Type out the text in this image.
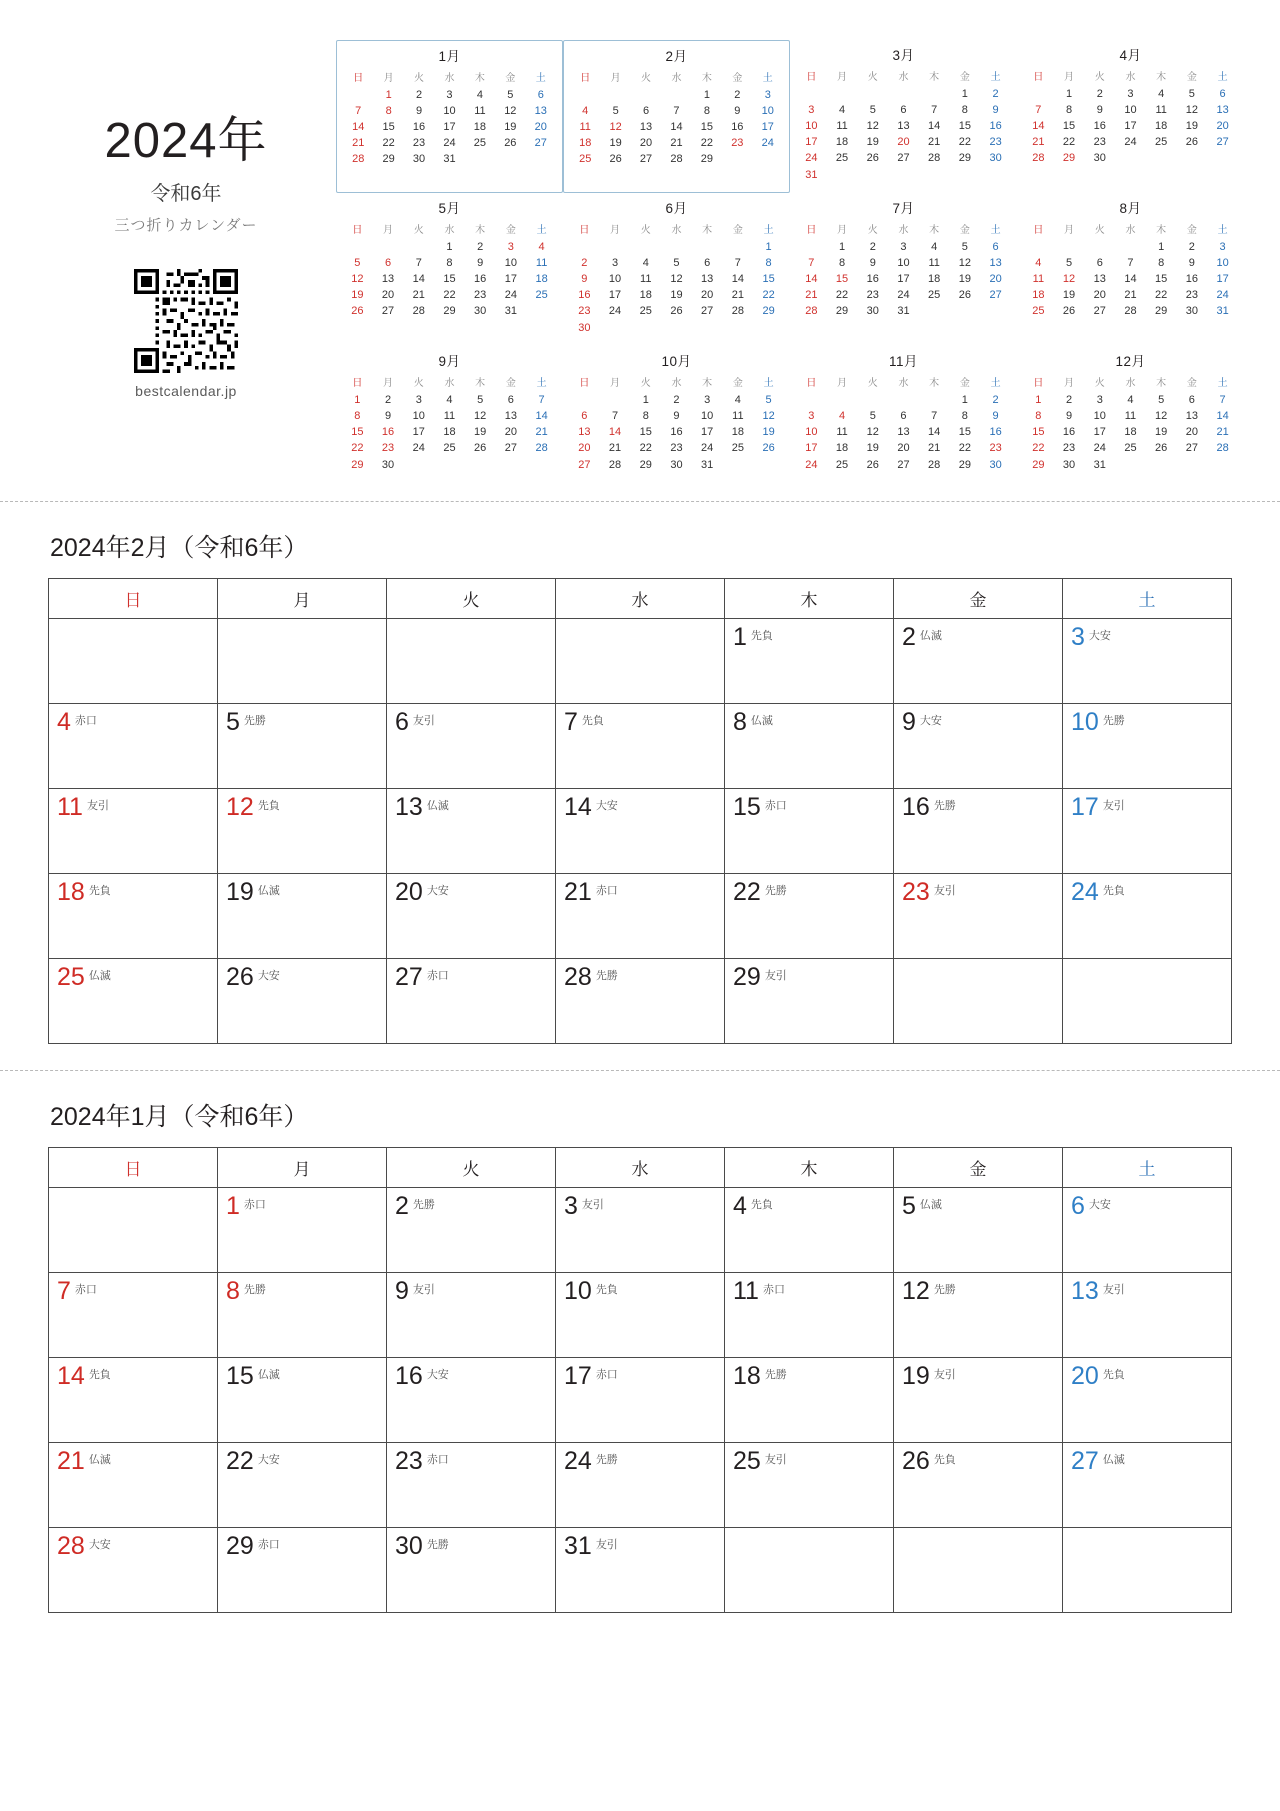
2024年
令和6年
三つ折りカレンダー
bestcalendar.jp
1月
日	月	火	水	木	金	土
	1	2	3	4	5	6
7	8	9	10	11	12	13
14	15	16	17	18	19	20
21	22	23	24	25	26	27
28	29	30	31			
2月
日	月	火	水	木	金	土
				1	2	3
4	5	6	7	8	9	10
11	12	13	14	15	16	17
18	19	20	21	22	23	24
25	26	27	28	29		
3月
日	月	火	水	木	金	土
					1	2
3	4	5	6	7	8	9
10	11	12	13	14	15	16
17	18	19	20	21	22	23
24	25	26	27	28	29	30
31						
4月
日	月	火	水	木	金	土
	1	2	3	4	5	6
7	8	9	10	11	12	13
14	15	16	17	18	19	20
21	22	23	24	25	26	27
28	29	30				
5月
日	月	火	水	木	金	土
			1	2	3	4
5	6	7	8	9	10	11
12	13	14	15	16	17	18
19	20	21	22	23	24	25
26	27	28	29	30	31	
6月
日	月	火	水	木	金	土
						1
2	3	4	5	6	7	8
9	10	11	12	13	14	15
16	17	18	19	20	21	22
23	24	25	26	27	28	29
30						
7月
日	月	火	水	木	金	土
	1	2	3	4	5	6
7	8	9	10	11	12	13
14	15	16	17	18	19	20
21	22	23	24	25	26	27
28	29	30	31			
8月
日	月	火	水	木	金	土
				1	2	3
4	5	6	7	8	9	10
11	12	13	14	15	16	17
18	19	20	21	22	23	24
25	26	27	28	29	30	31
9月
日	月	火	水	木	金	土
1	2	3	4	5	6	7
8	9	10	11	12	13	14
15	16	17	18	19	20	21
22	23	24	25	26	27	28
29	30					
10月
日	月	火	水	木	金	土
		1	2	3	4	5
6	7	8	9	10	11	12
13	14	15	16	17	18	19
20	21	22	23	24	25	26
27	28	29	30	31		
11月
日	月	火	水	木	金	土
					1	2
3	4	5	6	7	8	9
10	11	12	13	14	15	16
17	18	19	20	21	22	23
24	25	26	27	28	29	30
12月
日	月	火	水	木	金	土
1	2	3	4	5	6	7
8	9	10	11	12	13	14
15	16	17	18	19	20	21
22	23	24	25	26	27	28
29	30	31				
2024年2月（令和6年）
日	月	火	水	木	金	土
				1 先負	2 仏滅	3 大安
4 赤口	5 先勝	6 友引	7 先負	8 仏滅	9 大安	10 先勝
11 友引	12 先負	13 仏滅	14 大安	15 赤口	16 先勝	17 友引
18 先負	19 仏滅	20 大安	21 赤口	22 先勝	23 友引	24 先負
25 仏滅	26 大安	27 赤口	28 先勝	29 友引		
2024年1月（令和6年）
日	月	火	水	木	金	土
	1 赤口	2 先勝	3 友引	4 先負	5 仏滅	6 大安
7 赤口	8 先勝	9 友引	10 先負	11 赤口	12 先勝	13 友引
14 先負	15 仏滅	16 大安	17 赤口	18 先勝	19 友引	20 先負
21 仏滅	22 大安	23 赤口	24 先勝	25 友引	26 先負	27 仏滅
28 大安	29 赤口	30 先勝	31 友引			
